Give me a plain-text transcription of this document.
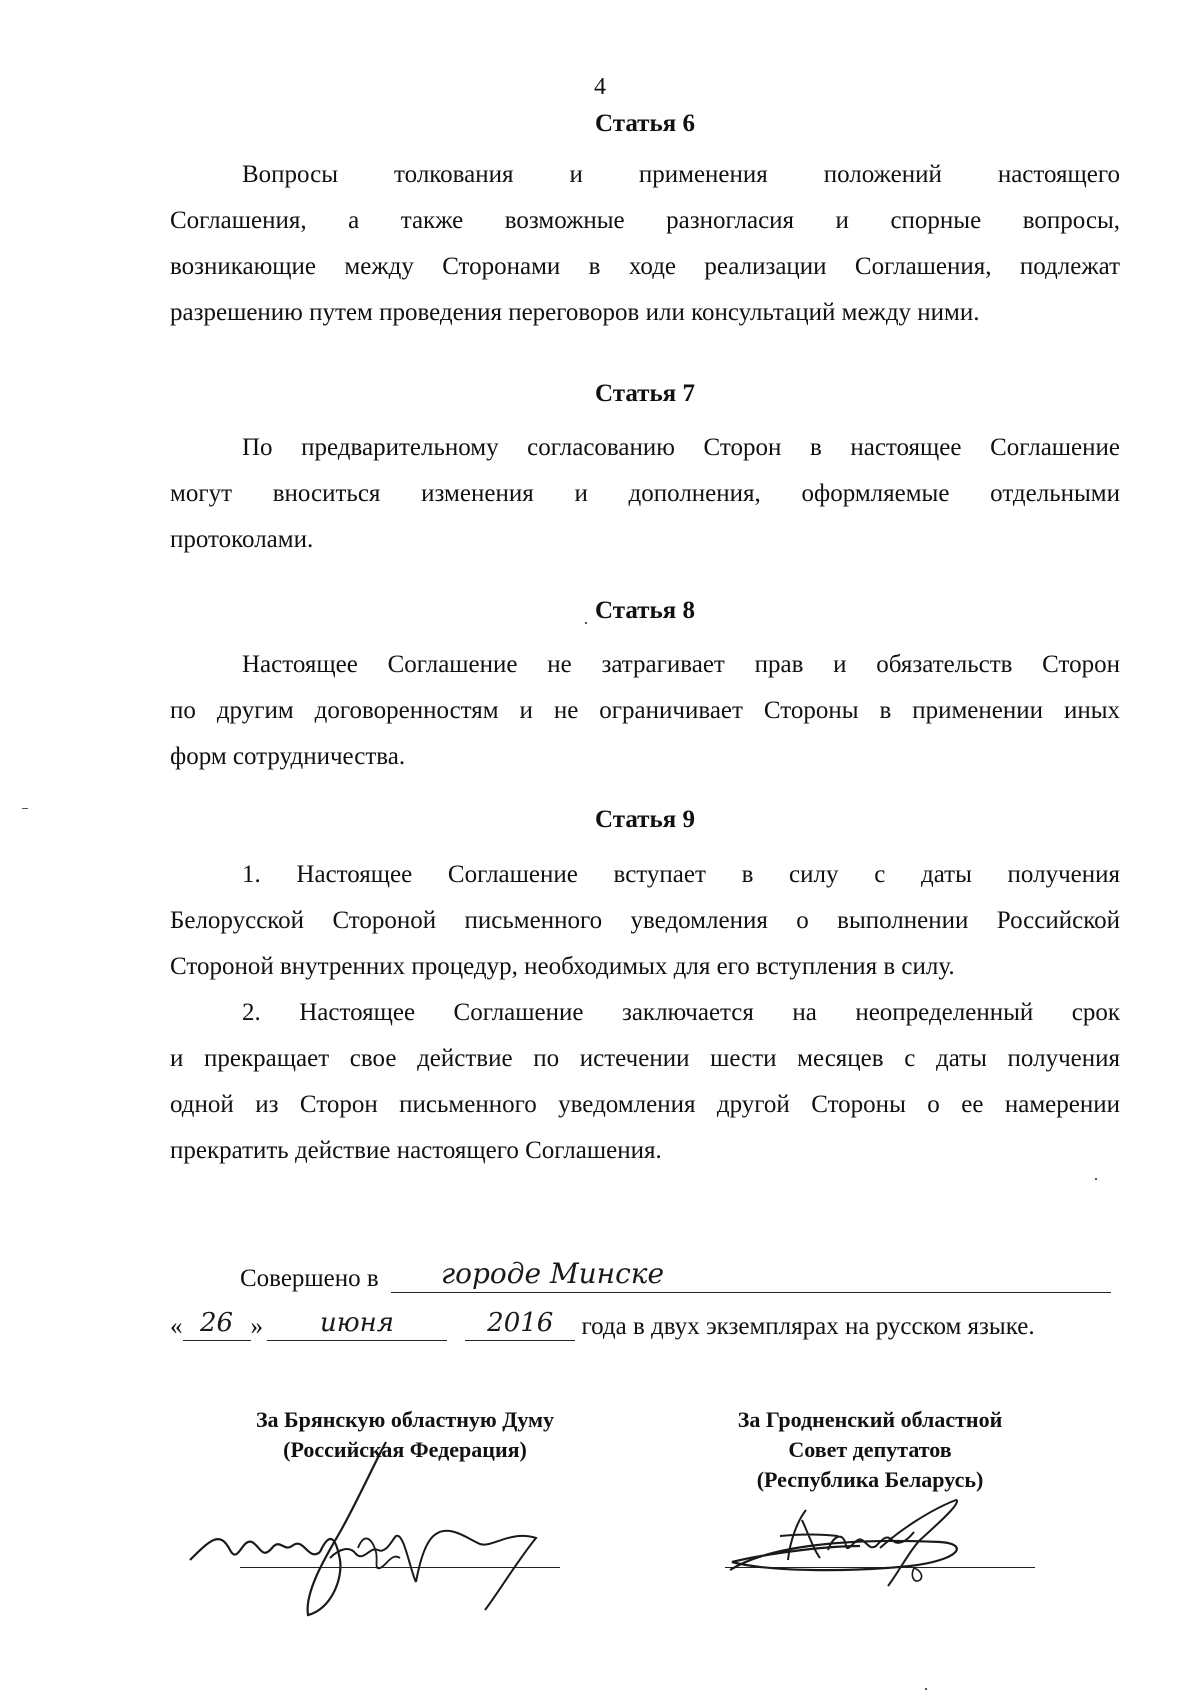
4
Статья 6
Вопросы толкования и применения положений настоящего
Соглашения, а также возможные разногласия и спорные вопросы,
возникающие между Сторонами в ходе реализации Соглашения, подлежат
разрешению путем проведения переговоров или консультаций между ними.
Статья 7
По предварительному согласованию Сторон в настоящее Соглашение
могут вноситься изменения и дополнения, оформляемые отдельными
протоколами.
Статья 8
Настоящее Соглашение не затрагивает прав и обязательств Сторон
по другим договоренностям и не ограничивает Стороны в применении иных
форм сотрудничества.
Статья 9
1. Настоящее Соглашение вступает в силу с даты получения
Белорусской Стороной письменного уведомления о выполнении Российской
Стороной внутренних процедур, необходимых для его вступления в силу.
2. Настоящее Соглашение заключается на неопределенный срок
и прекращает свое действие по истечении шести месяцев с даты получения
одной из Сторон письменного уведомления другой Стороны о ее намерении
прекратить действие настоящего Соглашения.
Совершено в городе Минске
« 26 »	июня
	2016	года в двух экземплярах на русском языке.
За Брянскую областную Думу
(Российская Федерация)
За Гродненский областной
Совет депутатов
(Республика Беларусь)
